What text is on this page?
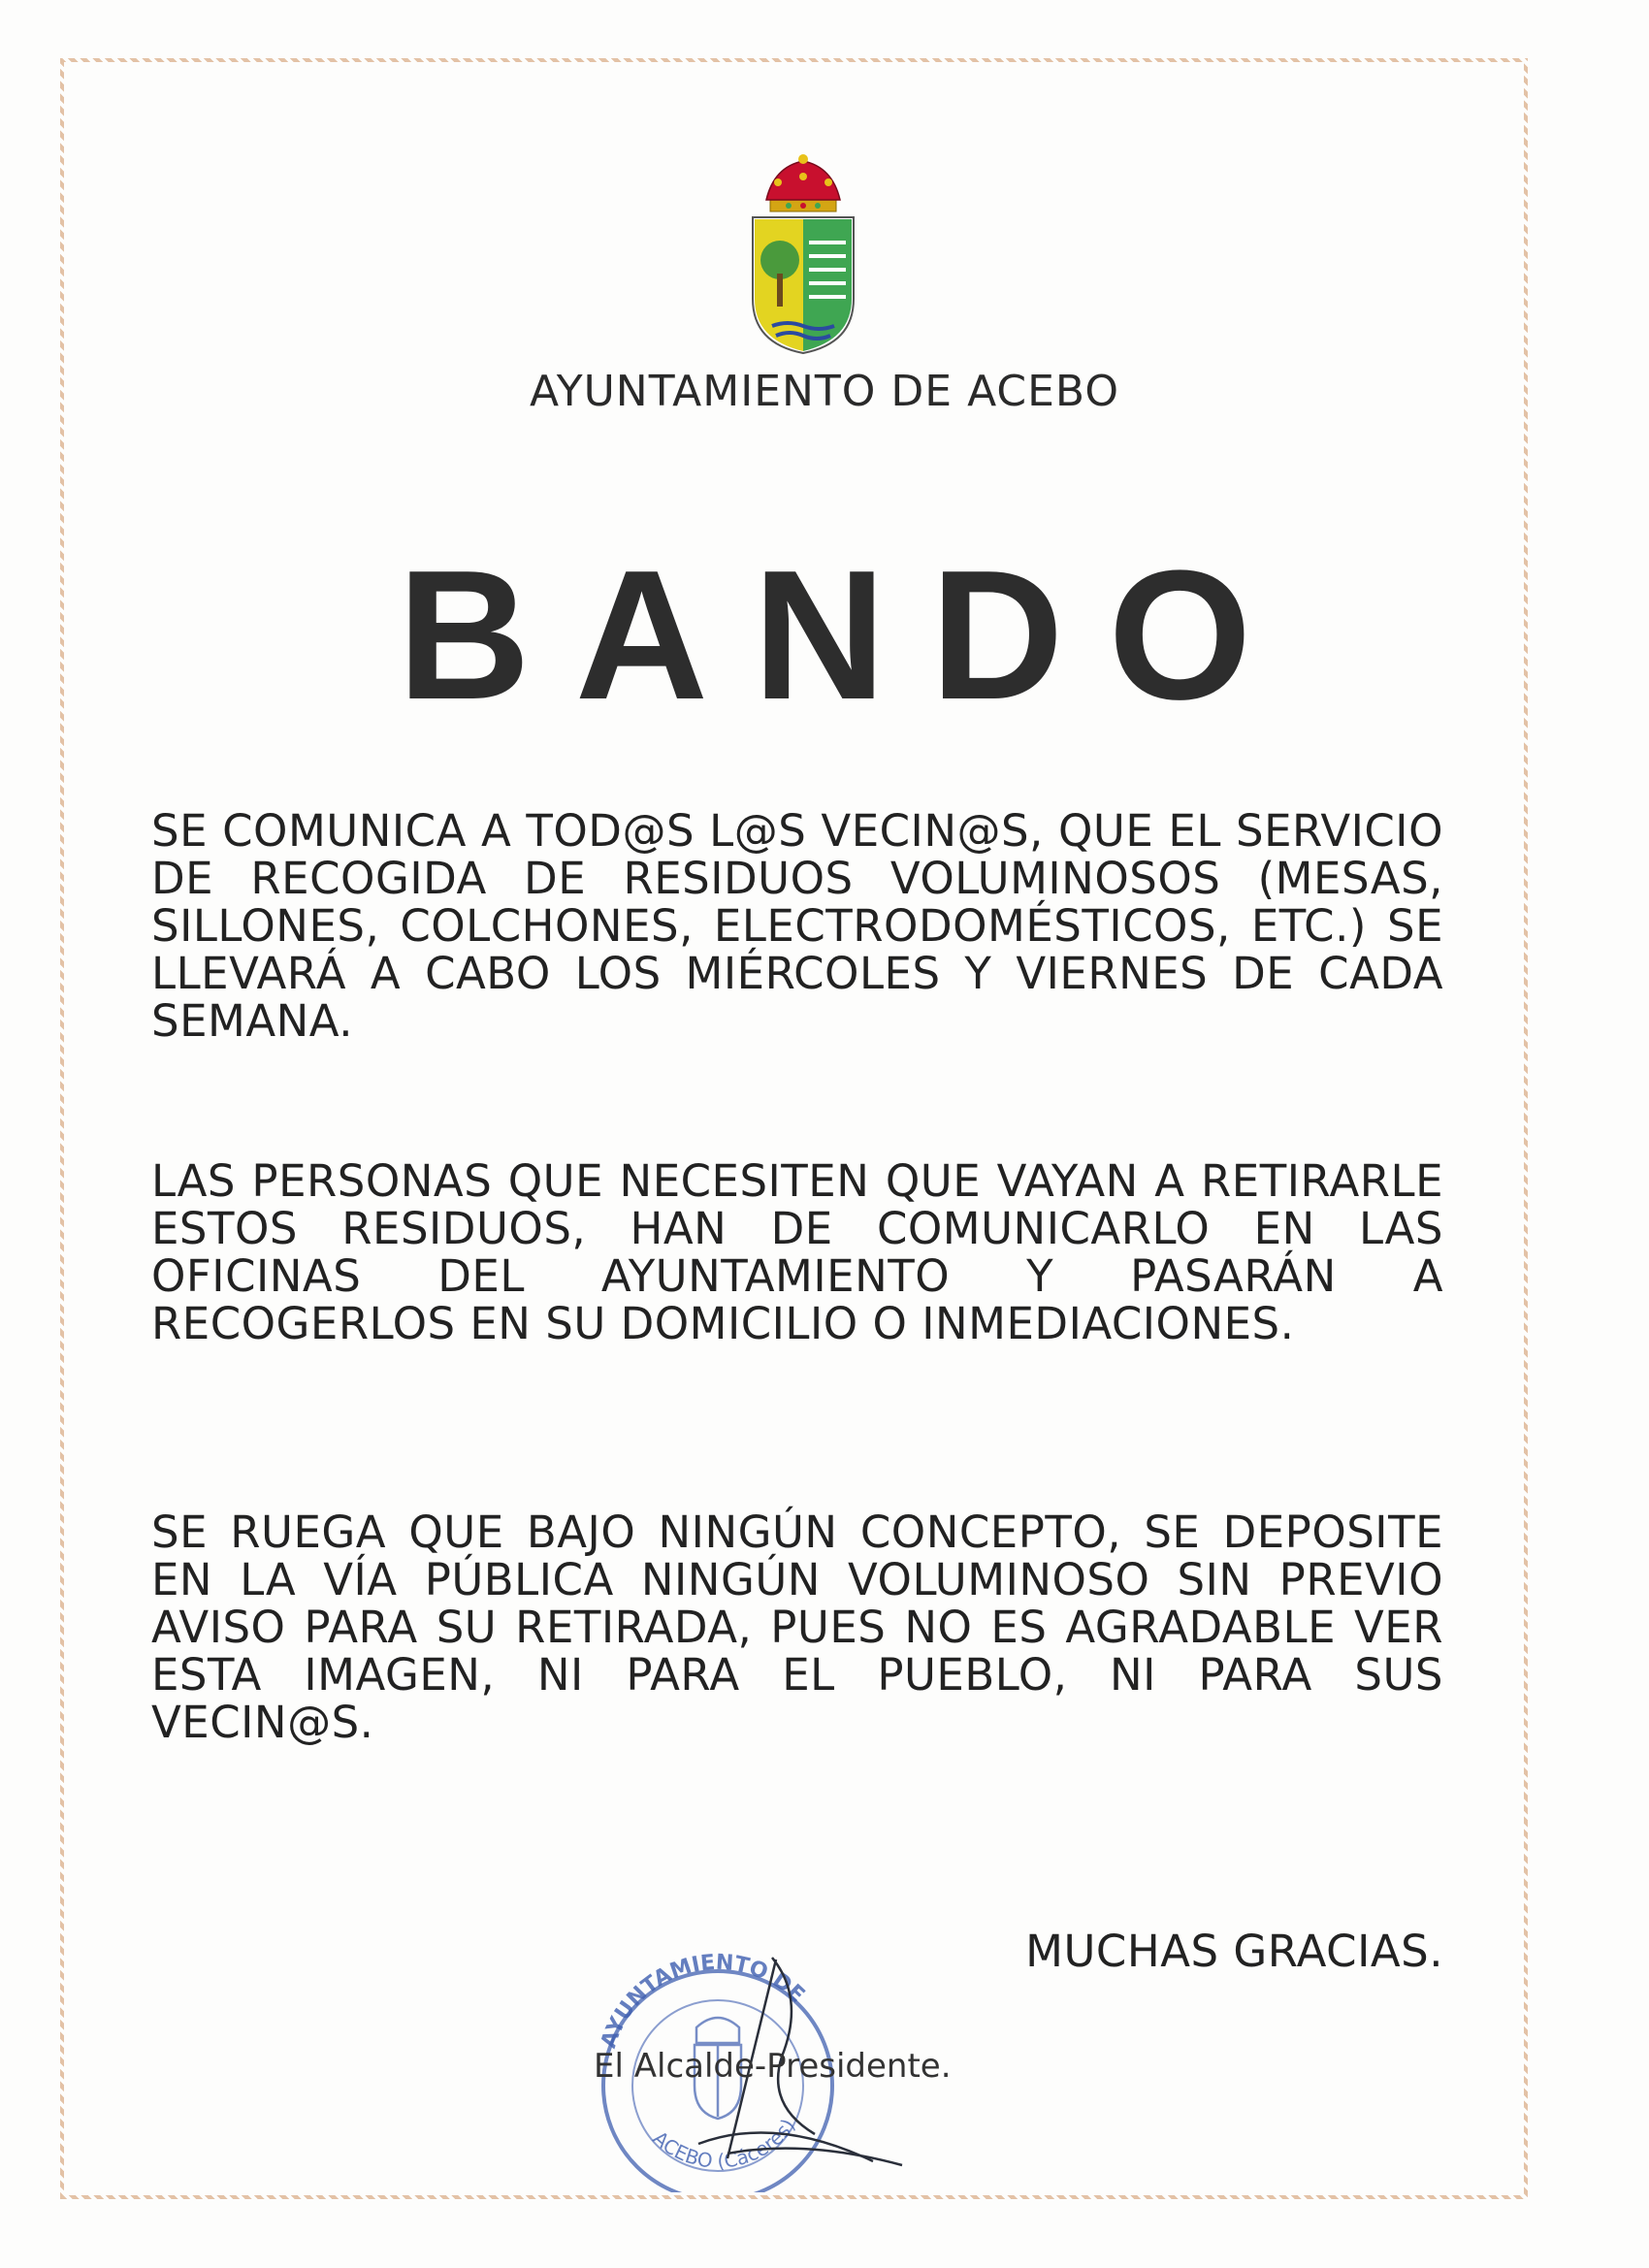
AYUNTAMIENTO DE ACEBO
BANDO
SE COMUNICA A TOD@S L@S VECIN@S, QUE EL SERVICIO DE RECOGIDA DE RESIDUOS VOLUMINOSOS (MESAS, SILLONES, COLCHONES, ELECTRODOMÉSTICOS, ETC.) SE LLEVARÁ A CABO LOS MIÉRCOLES Y VIERNES DE CADA SEMANA.
LAS PERSONAS QUE NECESITEN QUE VAYAN A RETIRARLE ESTOS RESIDUOS, HAN DE COMUNICARLO EN LAS OFICINAS DEL AYUNTAMIENTO Y PASARÁN A RECOGERLOS EN SU DOMICILIO O INMEDIACIONES.
SE RUEGA QUE BAJO NINGÚN CONCEPTO, SE DEPOSITE EN LA VÍA PÚBLICA NINGÚN VOLUMINOSO SIN PREVIO AVISO PARA SU RETIRADA, PUES NO ES AGRADABLE VER ESTA IMAGEN, NI PARA EL PUEBLO, NI PARA SUS VECIN@S.
MUCHAS GRACIAS.
AYUNTAMIENTO DE
ACEBO (Cáceres)
El Alcalde-Presidente.
